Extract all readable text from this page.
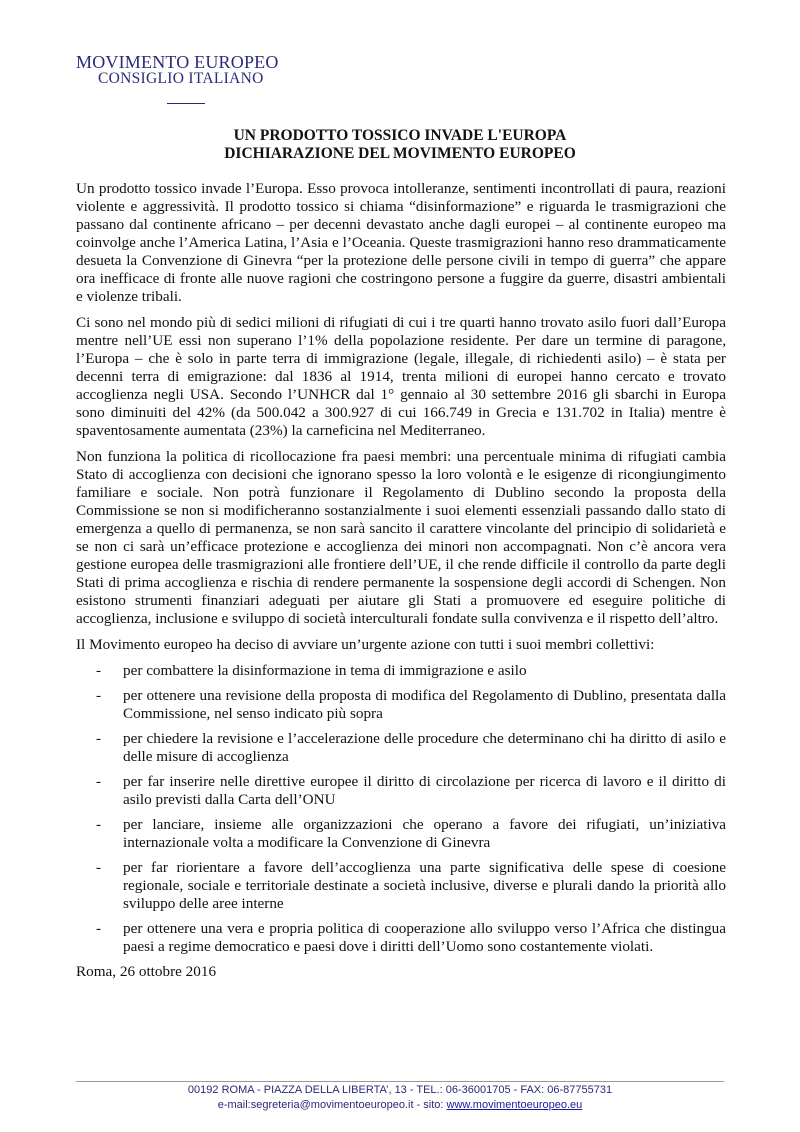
MOVIMENTO EUROPEO
CONSIGLIO ITALIANO
UN PRODOTTO TOSSICO INVADE L'EUROPA
DICHIARAZIONE DEL MOVIMENTO EUROPEO

Un prodotto tossico invade l’Europa. Esso provoca intolleranze, sentimenti incontrollati di paura, reazioni violente e aggressività. Il prodotto tossico si chiama “disinformazione” e riguarda le trasmigrazioni che passano dal continente africano – per decenni devastato anche dagli europei – al continente europeo ma coinvolge anche l’America Latina, l’Asia e l’Oceania. Queste trasmigrazioni hanno reso drammaticamente desueta la Convenzione di Ginevra “per la protezione delle persone civili in tempo di guerra” che appare ora inefficace di fronte alle nuove ragioni che costringono persone a fuggire da guerre, disastri ambientali e violenze tribali.

Ci sono nel mondo più di sedici milioni di rifugiati di cui i tre quarti hanno trovato asilo fuori dall’Europa mentre nell’UE essi non superano l’1% della popolazione residente. Per dare un termine di paragone, l’Europa – che è solo in parte terra di immigrazione (legale, illegale, di richiedenti asilo) – è stata per decenni terra di emigrazione: dal 1836 al 1914, trenta milioni di europei hanno cercato e trovato accoglienza negli USA. Secondo l’UNHCR dal 1° gennaio al 30 settembre 2016 gli sbarchi in Europa sono diminuiti del 42% (da 500.042 a 300.927 di cui 166.749 in Grecia e 131.702 in Italia) mentre è spaventosamente aumentata (23%) la carneficina nel Mediterraneo.

Non funziona la politica di ricollocazione fra paesi membri: una percentuale minima di rifugiati cambia Stato di accoglienza con decisioni che ignorano spesso la loro volontà e le esigenze di ricongiungimento familiare e sociale. Non potrà funzionare il Regolamento di Dublino secondo la proposta della Commissione se non si modificheranno sostanzialmente i suoi elementi essenziali passando dallo stato di emergenza a quello di permanenza, se non sarà sancito il carattere vincolante del principio di solidarietà e se non ci sarà un’efficace protezione e accoglienza dei minori non accompagnati. Non c’è ancora vera gestione europea delle trasmigrazioni alle frontiere dell’UE, il che rende difficile il controllo da parte degli Stati di prima accoglienza e rischia di rendere permanente la sospensione degli accordi di Schengen. Non esistono strumenti finanziari adeguati per aiutare gli Stati a promuovere ed eseguire politiche di accoglienza, inclusione e sviluppo di società interculturali fondate sulla convivenza e il rispetto dell’altro.

Il Movimento europeo ha deciso di avviare un’urgente azione con tutti i suoi membri collettivi:

- per combattere la disinformazione in tema di immigrazione e asilo
- per ottenere una revisione della proposta di modifica del Regolamento di Dublino, presentata dalla Commissione, nel senso indicato più sopra
- per chiedere la revisione e l’accelerazione delle procedure che determinano chi ha diritto di asilo e delle misure di accoglienza
- per far inserire nelle direttive europee il diritto di circolazione per ricerca di lavoro e il diritto di asilo previsti dalla Carta dell’ONU
- per lanciare, insieme alle organizzazioni che operano a favore dei rifugiati, un’iniziativa internazionale volta a modificare la Convenzione di Ginevra
- per far riorientare a favore dell’accoglienza una parte significativa delle spese di coesione regionale, sociale e territoriale destinate a società inclusive, diverse e plurali dando la priorità allo sviluppo delle aree interne
- per ottenere una vera e propria politica di cooperazione allo sviluppo verso l’Africa che distingua paesi a regime democratico e paesi dove i diritti dell’Uomo sono costantemente violati.

Roma, 26 ottobre 2016

00192 ROMA - PIAZZA DELLA LIBERTA’, 13 - TEL.: 06-36001705 - FAX: 06-87755731
e-mail:segreteria@movimentoeuropeo.it - sito: www.movimentoeuropeo.eu
